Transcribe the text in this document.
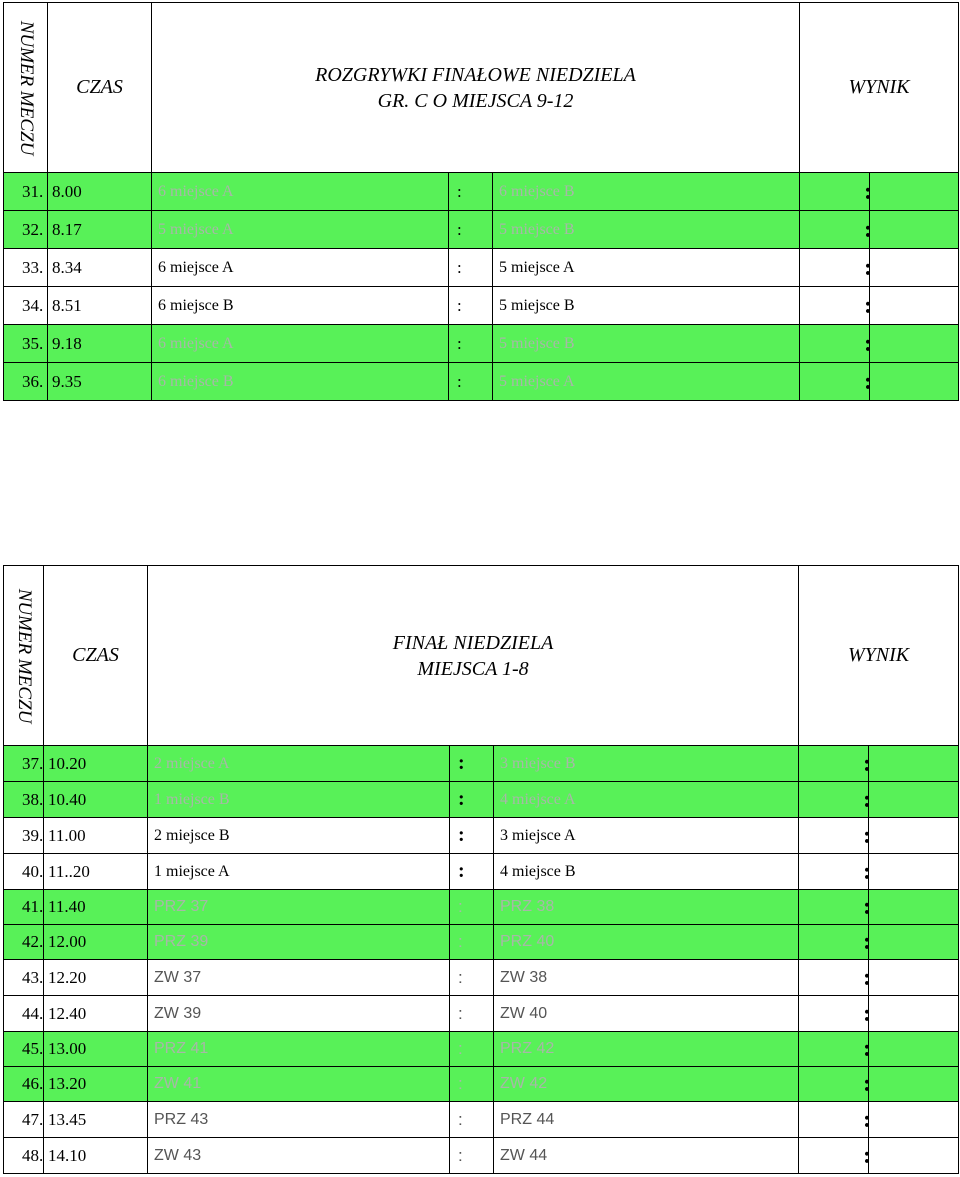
NUMER MECZU	CZAS	ROZGRYWKI FINAŁOWE NIEDZIELA
GR. C O MIEJSCA 9-12			WYNIK	
31.	8.00	6 miejsce A	:	6 miejsce B	:	
32.	8.17	5 miejsce A	:	5 miejsce B	:	
33.	8.34	6 miejsce A	:	5 miejsce A	:	
34.	8.51	6 miejsce B	:	5 miejsce B	:	
35.	9.18	6 miejsce A	:	5 miejsce B	:	
36.	9.35	6 miejsce B	:	5 miejsce A	:	
NUMER MECZU	CZAS	FINAŁ NIEDZIELA
MIEJSCA 1-8			WYNIK	
37.	10.20	2 miejsce A	:	3 miejsce B	:	
38.	10.40	1 miejsce B	:	4 miejsce A	:	
39.	11.00	2 miejsce B	:	3 miejsce A	:	
40.	11..20	1 miejsce A	:	4 miejsce B	:	
41.	11.40	PRZ 37	:	PRZ 38	:	
42.	12.00	PRZ 39	:	PRZ 40	:	
43.	12.20	ZW 37	:	ZW 38	:	
44.	12.40	ZW 39	:	ZW 40	:	
45.	13.00	PRZ 41	:	PRZ 42	:	
46.	13.20	ZW 41	:	ZW 42	:	
47.	13.45	PRZ 43	:	PRZ 44	:	
48.	14.10	ZW 43	:	ZW 44	:	
